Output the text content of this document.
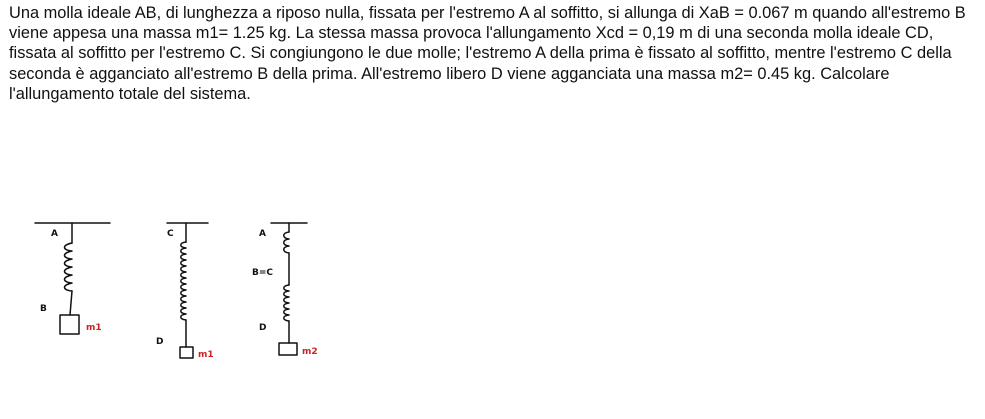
Una molla ideale AB, di lunghezza a riposo nulla, fissata per l'estremo A al soffitto, si allunga di XaB = 0.067 m quando all'estremo B viene appesa una massa m1= 1.25 kg. La stessa massa provoca l'allungamento Xcd = 0,19 m di una seconda molla ideale CD, fissata al soffitto per l'estremo C. Si congiungono le due molle; l'estremo A della prima è fissato al soffitto, mentre l'estremo C della seconda è agganciato all'estremo B della prima. All'estremo libero D viene agganciata una massa m2= 0.45 kg. Calcolare l'allungamento totale del sistema.

A
B
m1
C
D
m1
A
B=C
D
m2
